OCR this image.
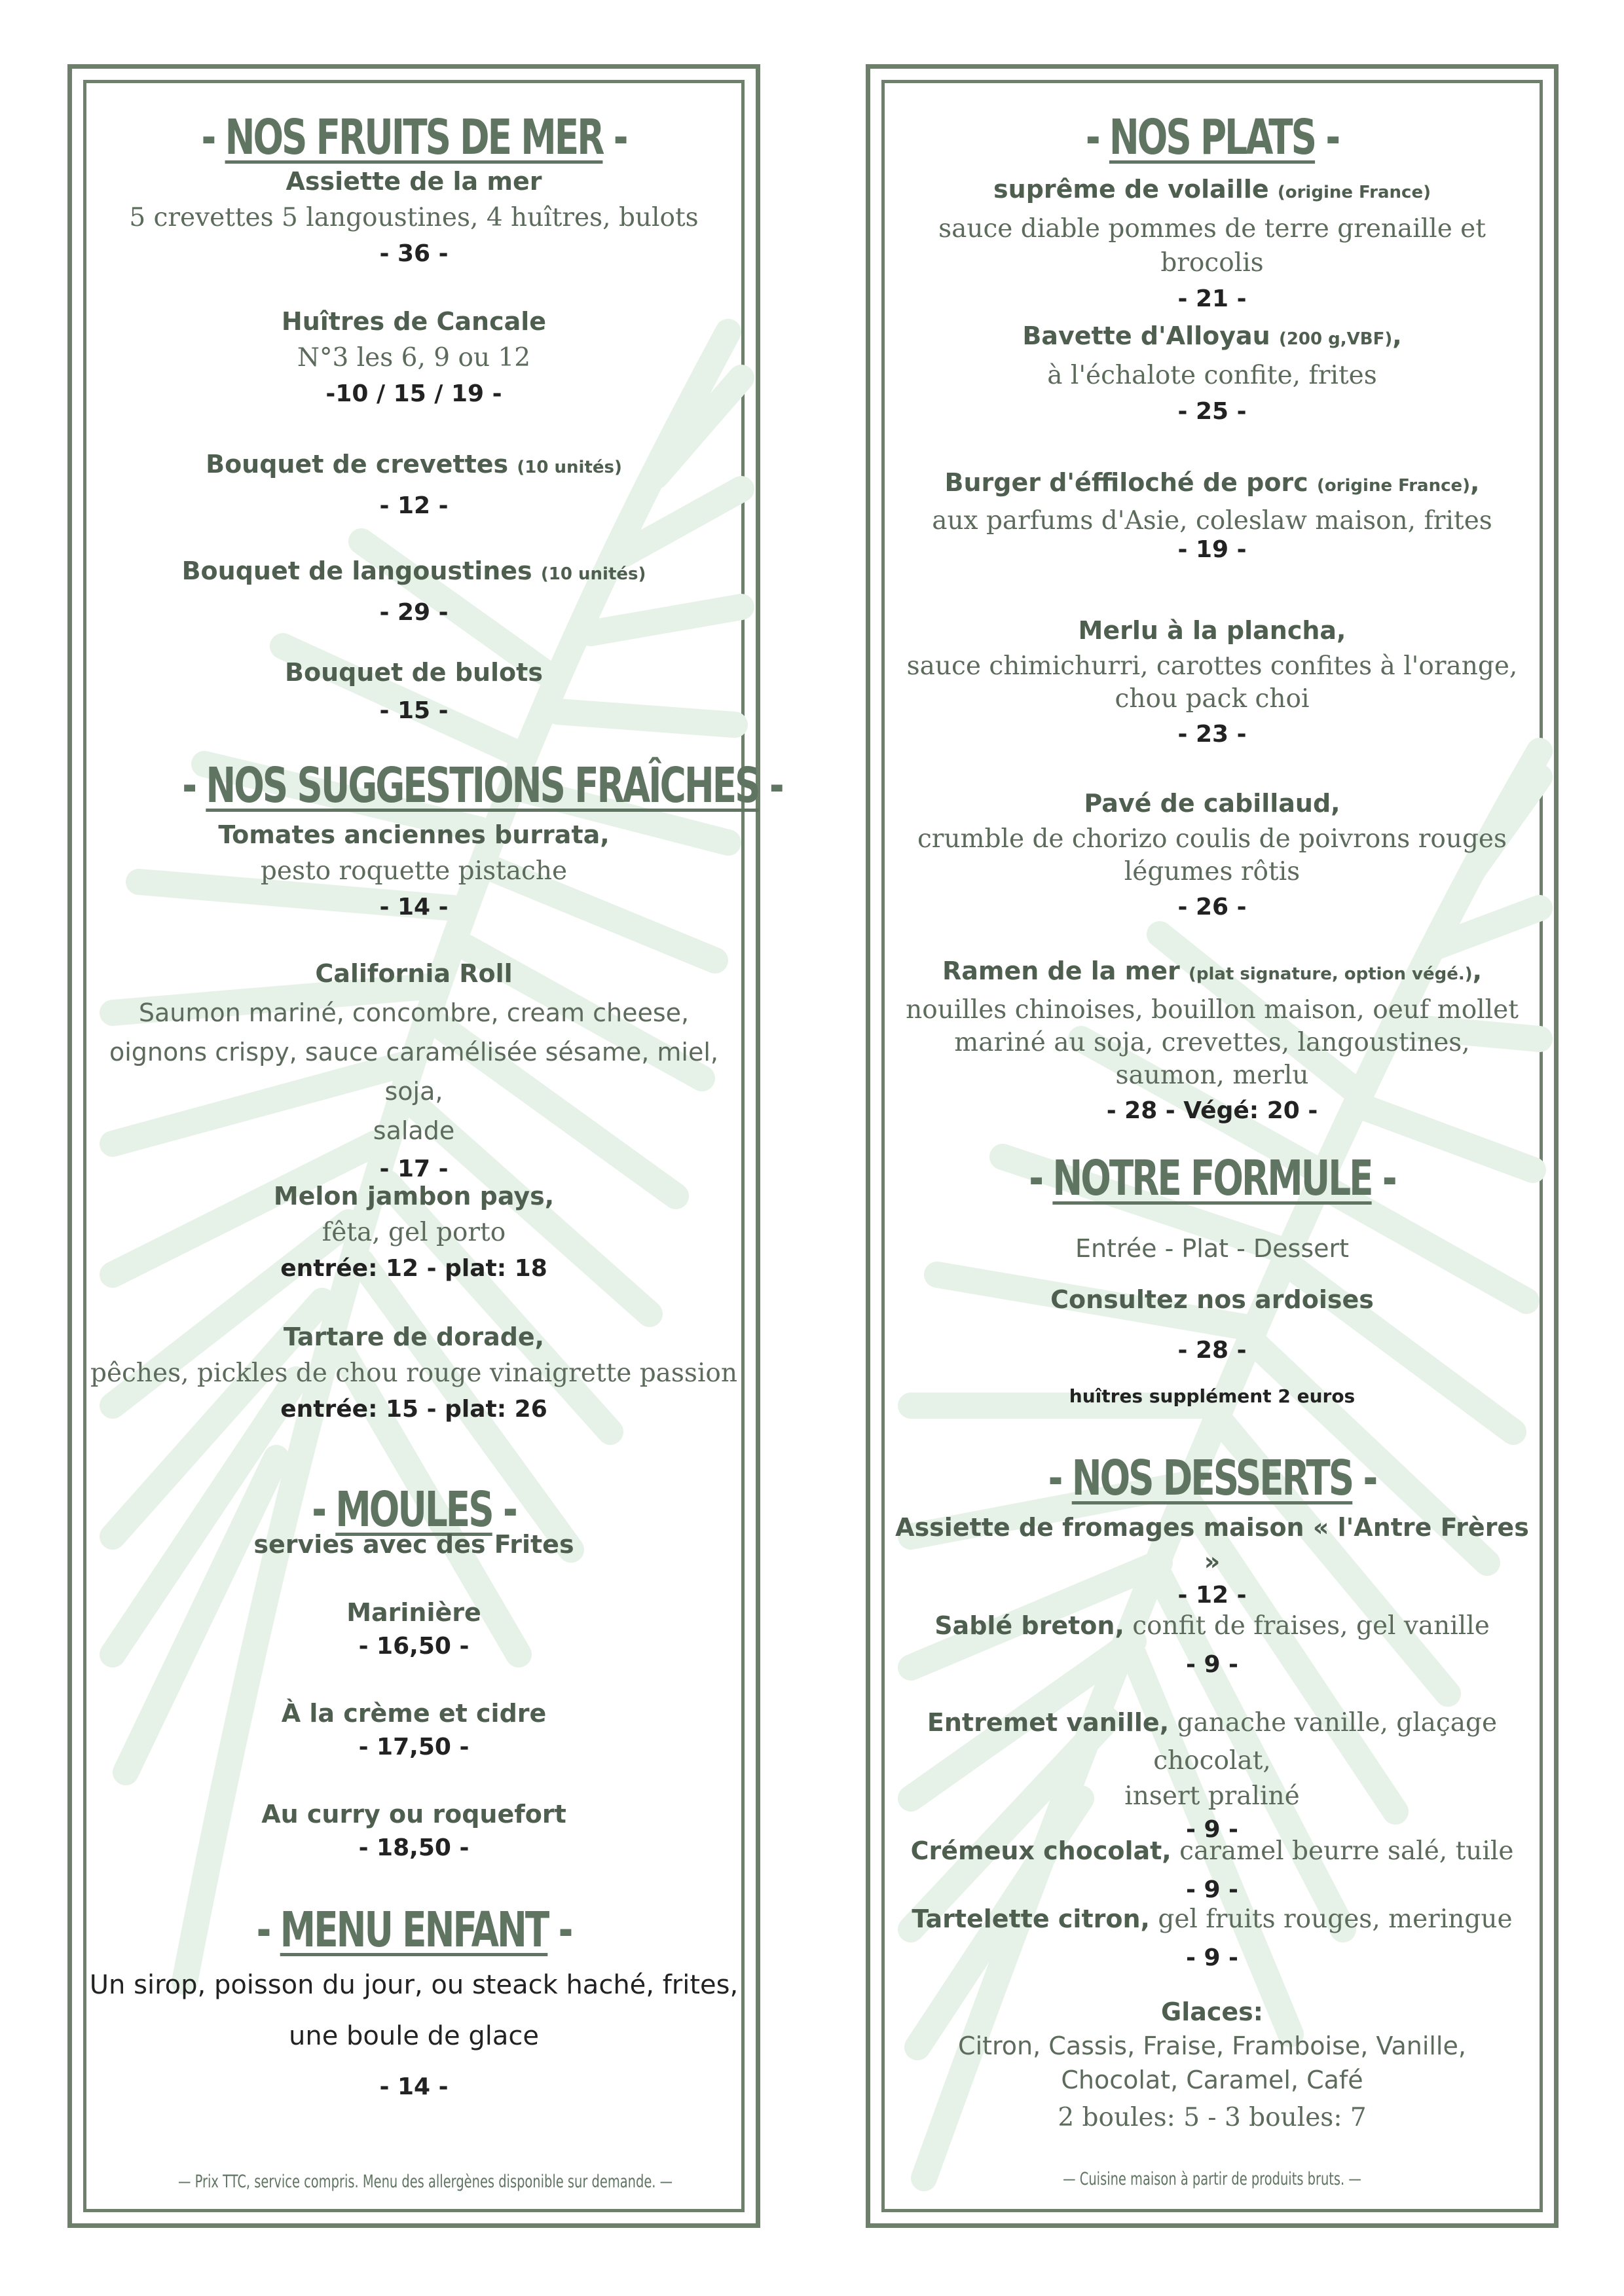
- NOS FRUITS DE MER -
Assiette de la mer
5 crevettes 5 langoustines, 4 huîtres, bulots
- 36 -
Huîtres de Cancale
N°3 les 6, 9 ou 12
-10 / 15 / 19 -
Bouquet de crevettes (10 unités)
- 12 -
Bouquet de langoustines (10 unités)
- 29 -
Bouquet de bulots
- 15 -
- NOS SUGGESTIONS FRAÎCHES -
Tomates anciennes burrata,
pesto roquette pistache
- 14 -
California Roll
Saumon mariné, concombre, cream cheese,
oignons crispy, sauce caramélisée sésame, miel, soja,
salade
- 17 -
Melon jambon pays,
fêta, gel porto
entrée: 12 - plat: 18
Tartare de dorade,
pêches, pickles de chou rouge vinaigrette passion
entrée: 15 - plat: 26
- MOULES -
servies avec des Frites
Marinière
- 16,50 -
À la crème et cidre
- 17,50 -
Au curry ou roquefort
- 18,50 -
- MENU ENFANT -
Un sirop, poisson du jour, ou steack haché, frites,
une boule de glace
- 14 -
— Prix TTC, service compris. Menu des allergènes disponible sur demande. —
- NOS PLATS -
suprême de volaille (origine France)
sauce diable pommes de terre grenaille et brocolis
- 21 -
Bavette d'Alloyau (200 g,VBF),
à l'échalote confite, frites
- 25 -
Burger d'éffiloché de porc (origine France),
aux parfums d'Asie, coleslaw maison, frites
- 19 -
Merlu à la plancha,
sauce chimichurri, carottes confites à l'orange,
chou pack choi
- 23 -
Pavé de cabillaud,
crumble de chorizo coulis de poivrons rouges
légumes rôtis
- 26 -
Ramen de la mer (plat signature, option végé.),
nouilles chinoises, bouillon maison, oeuf mollet
mariné au soja, crevettes, langoustines,
saumon, merlu
- 28 - Végé: 20 -
- NOTRE FORMULE -
Entrée - Plat - Dessert
Consultez nos ardoises
- 28 -
huîtres supplément 2 euros
- NOS DESSERTS -
Assiette de fromages maison « l'Antre Frères »
- 12 -
Sablé breton, confit de fraises, gel vanille
- 9 -
Entremet vanille, ganache vanille, glaçage chocolat,
insert praliné
- 9 -
Crémeux chocolat, caramel beurre salé, tuile
- 9 -
Tartelette citron, gel fruits rouges, meringue
- 9 -
Glaces:
Citron, Cassis, Fraise, Framboise, Vanille,
Chocolat, Caramel, Café
2 boules: 5 - 3 boules: 7
— Cuisine maison à partir de produits bruts. —
